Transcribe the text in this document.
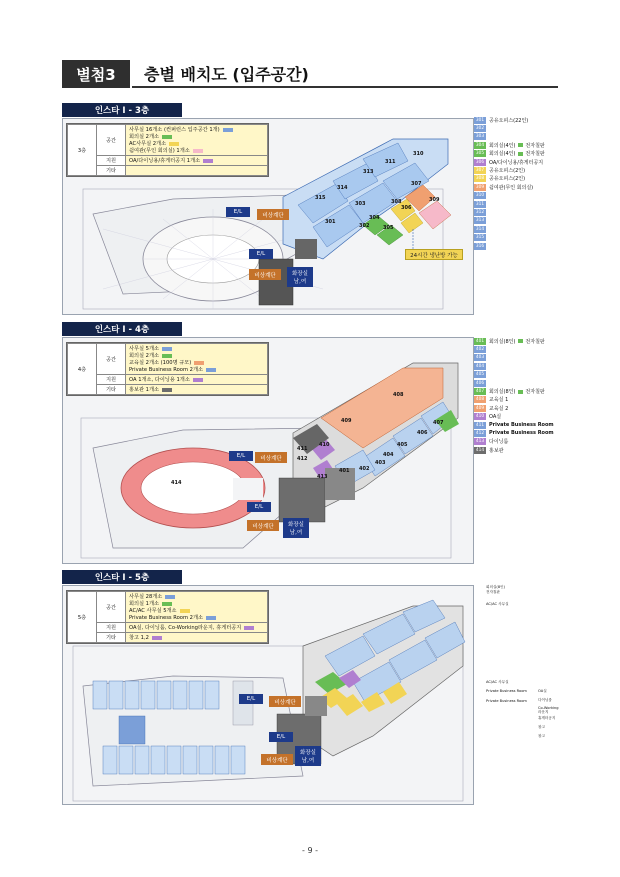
별첨3	층별 배치도 (입주공간)
인스타 Ⅰ - 3층
3층	공간	사무실 16개소 (컨퍼런스 입주공간 1개)
회의실 2개소
AC사무실 2개소
쉼여관(무인 회의실) 1개소

	지원	OA/다이닝용/휴게터공지 1개소
	기타	
301
302
303
304
305
306
307
308	309
310
311
313
314
315
E/L
E/L
비상계단
비상계단	화장실
남,여
24시간 냉난방 가능
301 공유오피스(22인)
302
303
304 회의실(4인) 전자칠판
305 회의실(4인) 전자칠판
306 OA/다이닝용/휴게터공지
307 공유오피스(2인)
308 공유오피스(2인)
309 쉼여관(무인 회의실)
310
311
312
313
314
315
316
인스타 Ⅰ - 4층
4층	공간	사무실 5개소
회의실 2개소
교육실 2개소 (100명 규모)
Private Business Room 2개소

	지원	OA 1개소, 다이닝용 1개소
	기타	홍보관 1개소
414
408
409	407
406
405
404
403
402
401
410
411
412
413
E/L
E/L
비상계단
비상계단	화장실
남,여
401 회의실(8인) 전자칠판
402
403
404
405
406
407 회의실(8인) 전자칠판
408 교육실 1
409 교육실 2
410 OA실
411 Private Business Room
412 Private Business Room
413 다이닝룸
414 홍보관
인스타 Ⅰ - 5층
5층	공간	사무실 28개소
회의실 1개소
AC/AC 사무실 5개소
Private Business Room 2개소

	지원	OA실, 다이닝룸, Co-Working라운지, 휴게터공지
	기타	창고 1,2
E/L
E/L
비상계단
비상계단
화장실
남,여
회의실(8인)
전자칠판
AC/AC 사무실
AC/AC 사무실
Private Business Room
Private Business Room
OA실
다이닝룸
Co-Working
라운지
휴게터공지
창고
창고
- 9 -
